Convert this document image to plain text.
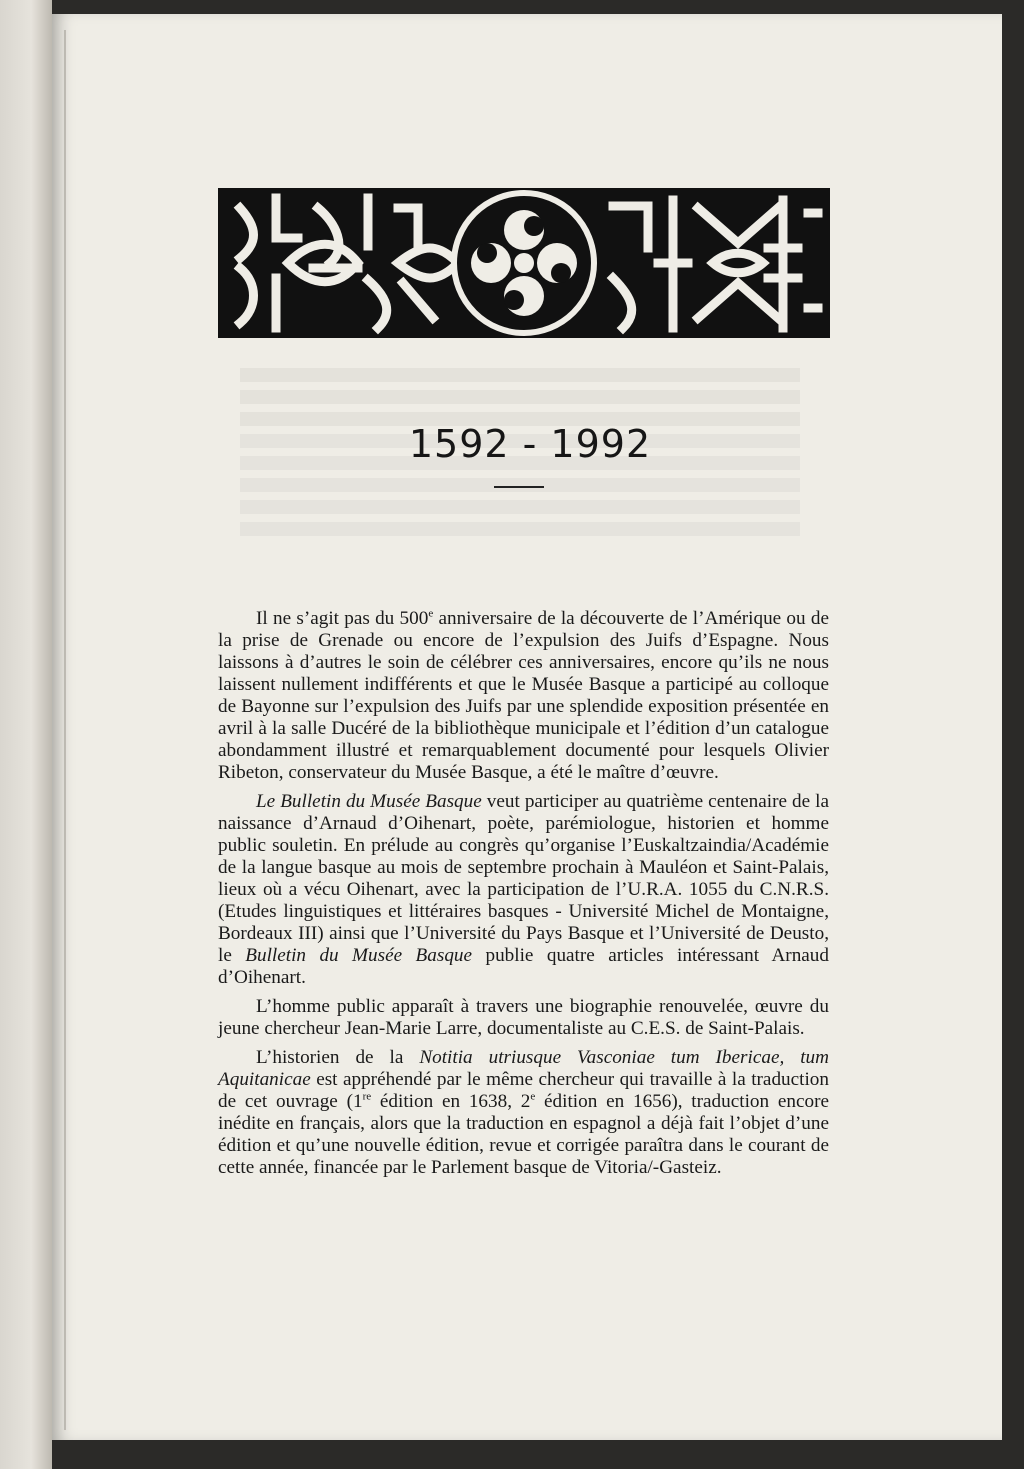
1592 - 1992

Il ne s’agit pas du 500e anniversaire de la découverte de l’Amérique ou de la prise de Grenade ou encore de l’expulsion des Juifs d’Espagne. Nous laissons à d’autres le soin de célébrer ces anniversaires, encore qu’ils ne nous laissent nullement indifférents et que le Musée Basque a participé au colloque de Bayonne sur l’expulsion des Juifs par une splendide exposition présentée en avril à la salle Ducéré de la bibliothèque municipale et l’édition d’un catalogue abondamment illustré et remarquablement documenté pour lesquels Olivier Ribeton, conservateur du Musée Basque, a été le maître d’œuvre.

Le Bulletin du Musée Basque veut participer au quatrième centenaire de la naissance d’Arnaud d’Oihenart, poète, parémiologue, historien et homme public souletin. En prélude au congrès qu’organise l’Euskaltzaindia/Académie de la langue basque au mois de septembre prochain à Mauléon et Saint-Palais, lieux où a vécu Oihenart, avec la participation de l’U.R.A. 1055 du C.N.R.S. (Etudes linguistiques et littéraires basques - Université Michel de Montaigne, Bordeaux III) ainsi que l’Université du Pays Basque et l’Université de Deusto, le Bulletin du Musée Basque publie quatre articles intéressant Arnaud d’Oihenart.

L’homme public apparaît à travers une biographie renouvelée, œuvre du jeune chercheur Jean-Marie Larre, documentaliste au C.E.S. de Saint-Palais.

L’historien de la Notitia utriusque Vasconiae tum Ibericae, tum Aquitanicae est appréhendé par le même chercheur qui travaille à la traduction de cet ouvrage (1re édition en 1638, 2e édition en 1656), traduction encore inédite en français, alors que la traduction en espagnol a déjà fait l’objet d’une édition et qu’une nouvelle édition, revue et corrigée paraîtra dans le courant de cette année, financée par le Parlement basque de Vitoria/-Gasteiz.
